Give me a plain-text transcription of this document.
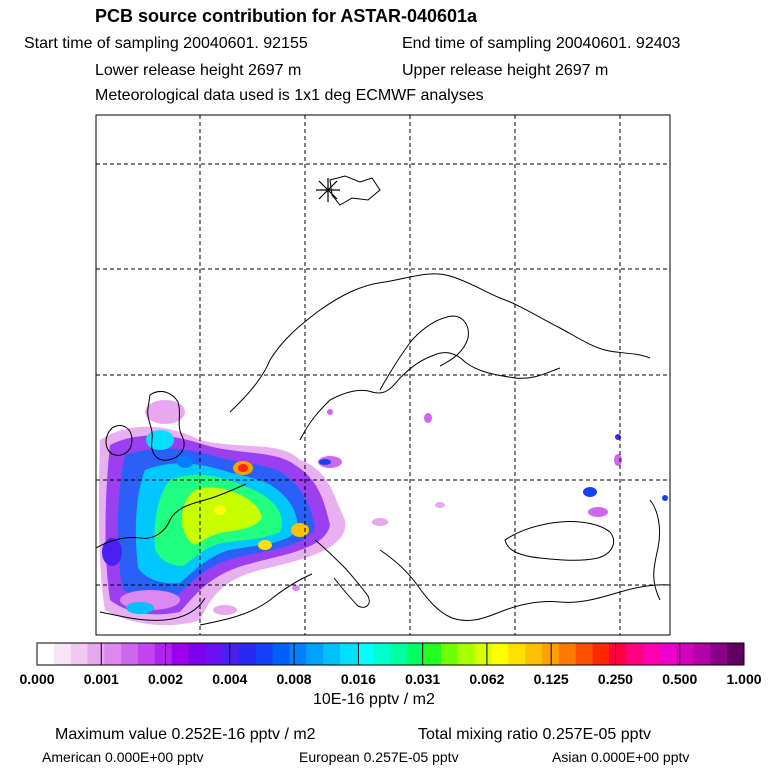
PCB source contribution for ASTAR-040601a
Start time of sampling 20040601. 92155	End time of sampling 20040601. 92403
Lower release height 2697 m	Upper release height 2697 m
Meteorological data used is 1x1 deg ECMWF analyses
0.000 0.001 0.002 0.004 0.008 0.016 0.031 0.062 0.125 0.250 0.500 1.000
10E-16 pptv / m2
Maximum value 0.252E-16 pptv / m2	Total mixing ratio 0.257E-05 pptv
American 0.000E+00 pptv	European 0.257E-05 pptv	Asian 0.000E+00 pptv
